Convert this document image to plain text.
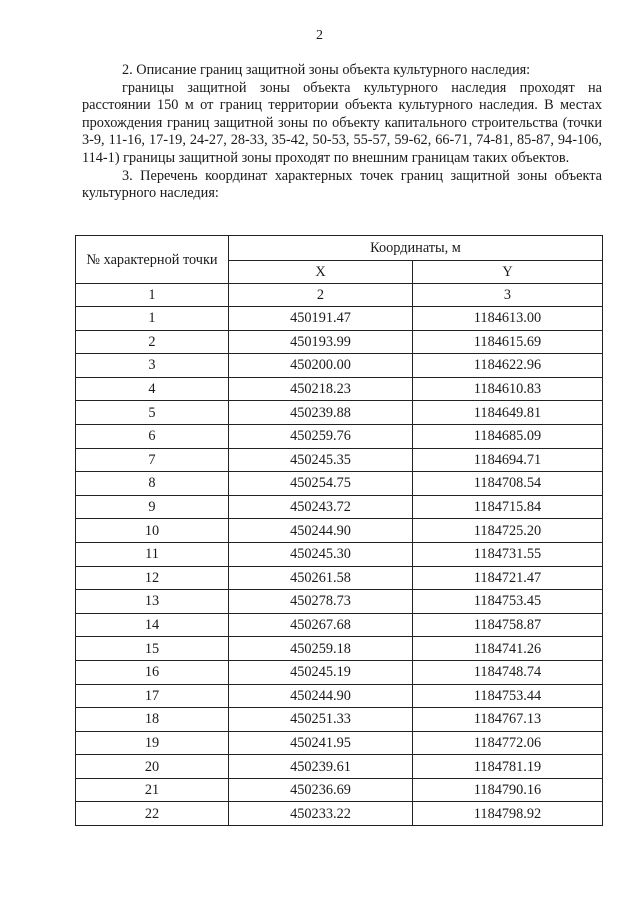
2

2. Описание границ защитной зоны объекта культурного наследия:

границы защитной зоны объекта культурного наследия проходят на расстоянии 150 м от границ территории объекта культурного наследия. В местах прохождения границ защитной зоны по объекту капитального строительства (точки 3-9, 11-16, 17-19, 24-27, 28-33, 35-42, 50-53, 55-57, 59-62, 66-71, 74-81, 85-87, 94-106, 114-1) границы защитной зоны проходят по внешним границам таких объектов.

3. Перечень координат характерных точек границ защитной зоны объекта культурного наследия:

№ характерной точки	Координаты, м	
	X	Y
1	2	3
1	450191.47	1184613.00
2	450193.99	1184615.69
3	450200.00	1184622.96
4	450218.23	1184610.83
5	450239.88	1184649.81
6	450259.76	1184685.09
7	450245.35	1184694.71
8	450254.75	1184708.54
9	450243.72	1184715.84
10	450244.90	1184725.20
11	450245.30	1184731.55
12	450261.58	1184721.47
13	450278.73	1184753.45
14	450267.68	1184758.87
15	450259.18	1184741.26
16	450245.19	1184748.74
17	450244.90	1184753.44
18	450251.33	1184767.13
19	450241.95	1184772.06
20	450239.61	1184781.19
21	450236.69	1184790.16
22	450233.22	1184798.92
